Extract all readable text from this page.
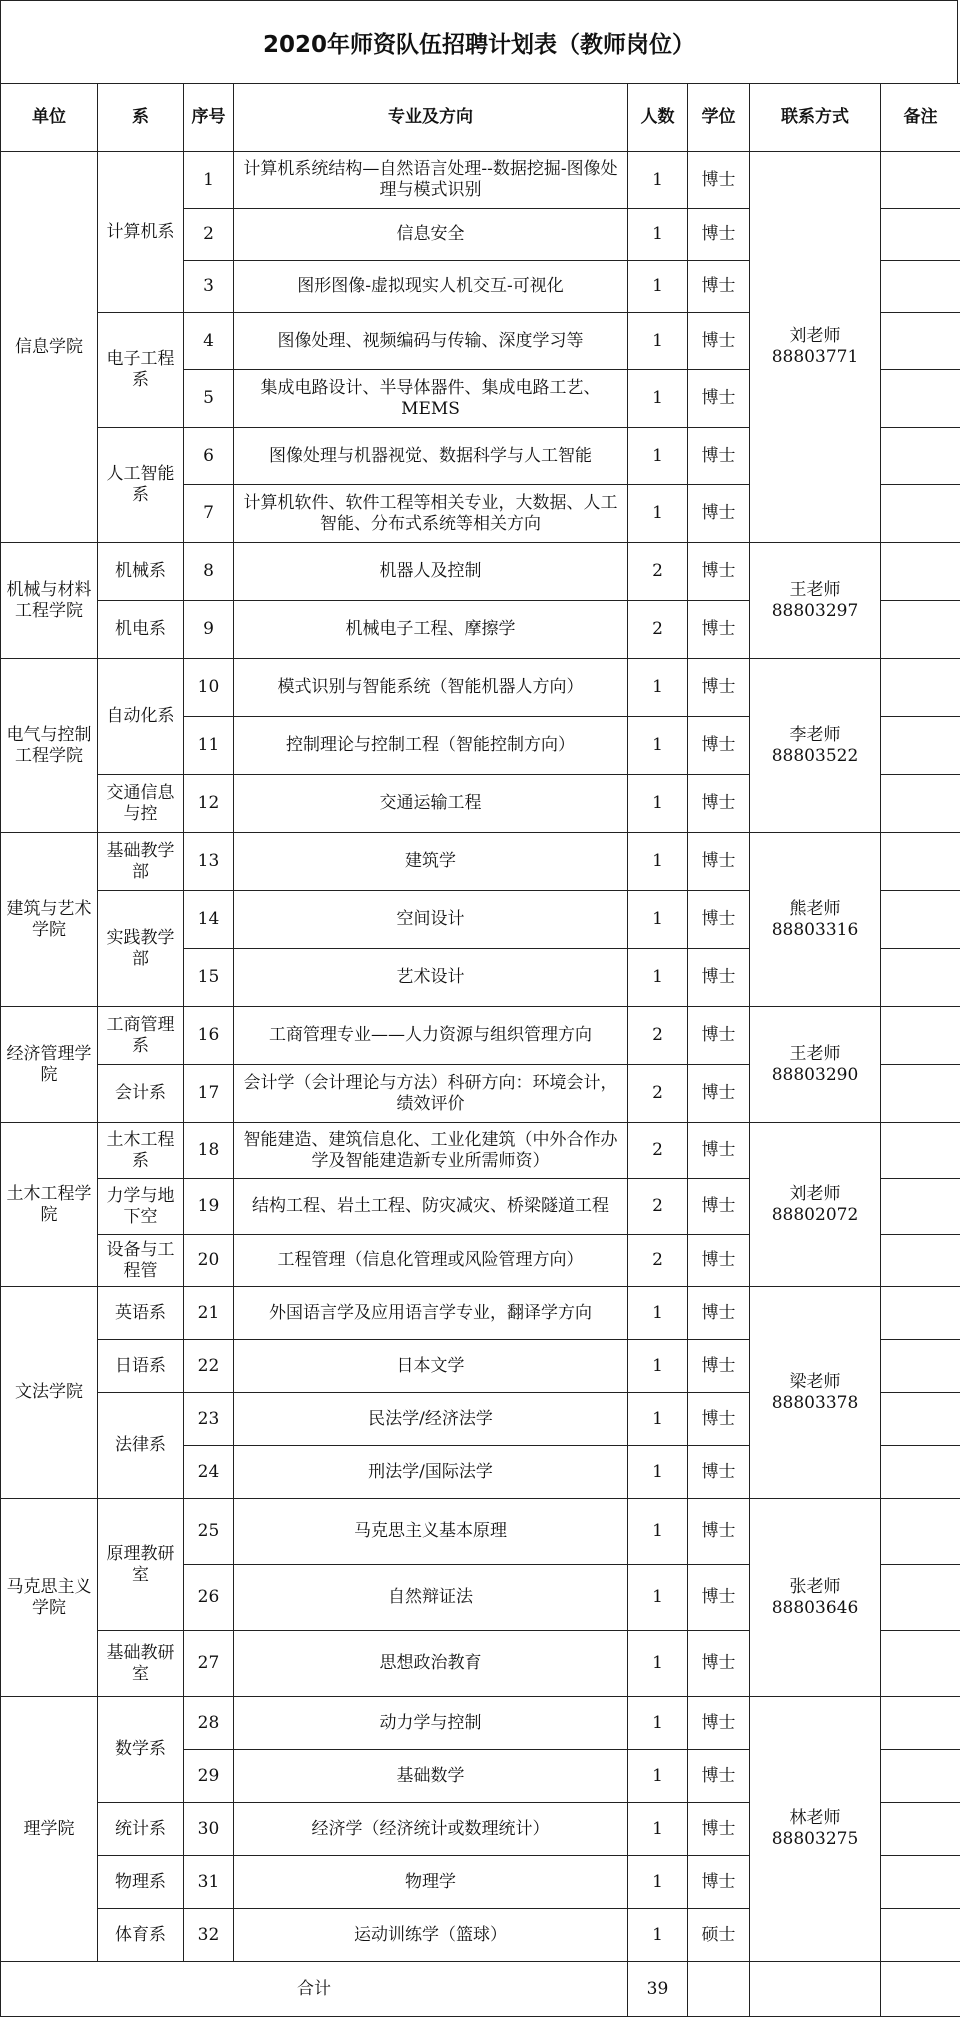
2020年师资队伍招聘计划表（教师岗位）
单位	系	序号	专业及方向	人数	学位	联系方式	备注
信息学院	计算机系	1	计算机系统结构—自然语言处理--数据挖掘-图像处理与模式识别	1	博士	刘老师
88803771	

		2	信息安全	1	博士		
		3	图形图像-虚拟现实人机交互-可视化	1	博士		
	电子工程系	4	图像处理、视频编码与传输、深度学习等	1	博士		
		5	集成电路设计、半导体器件、集成电路工艺、MEMS	1	博士		
	人工智能系	6	图像处理与机器视觉、数据科学与人工智能	1	博士		
		7	计算机软件、软件工程等相关专业，大数据、人工智能、分布式系统等相关方向	1	博士		
机械与材料工程学院	机械系	8	机器人及控制	2	博士	王老师
88803297	

	机电系	9	机械电子工程、摩擦学	2	博士		
电气与控制工程学院	自动化系	10	模式识别与智能系统（智能机器人方向）	1	博士	李老师
88803522	

		11	控制理论与控制工程（智能控制方向）	1	博士		
	交通信息与控	12	交通运输工程	1	博士		
建筑与艺术学院	基础教学部	13	建筑学	1	博士	熊老师
88803316	

	实践教学部	14	空间设计	1	博士		
		15	艺术设计	1	博士		
经济管理学院	工商管理系	16	工商管理专业——人力资源与组织管理方向	2	博士	王老师
88803290	

	会计系	17	会计学（会计理论与方法）科研方向：环境会计，绩效评价	2	博士		
土木工程学院	土木工程系	18	智能建造、建筑信息化、工业化建筑（中外合作办学及智能建造新专业所需师资）	2	博士	刘老师
88802072	

	力学与地下空	19	结构工程、岩土工程、防灾减灾、桥梁隧道工程	2	博士		
	设备与工程管	20	工程管理（信息化管理或风险管理方向）	2	博士		
文法学院	英语系	21	外国语言学及应用语言学专业，翻译学方向	1	博士	梁老师
88803378	

	日语系	22	日本文学	1	博士		
	法律系	23	民法学/经济法学	1	博士		
		24	刑法学/国际法学	1	博士		
马克思主义学院	原理教研室	25	马克思主义基本原理	1	博士	张老师
88803646	

		26	自然辩证法	1	博士		
	基础教研室	27	思想政治教育	1	博士		
理学院	数学系	28	动力学与控制	1	博士	林老师
88803275	

		29	基础数学	1	博士		
	统计系	30	经济学（经济统计或数理统计）	1	博士		
	物理系	31	物理学	1	博士		
	体育系	32	运动训练学（篮球）	1	硕士		
合计				39			
